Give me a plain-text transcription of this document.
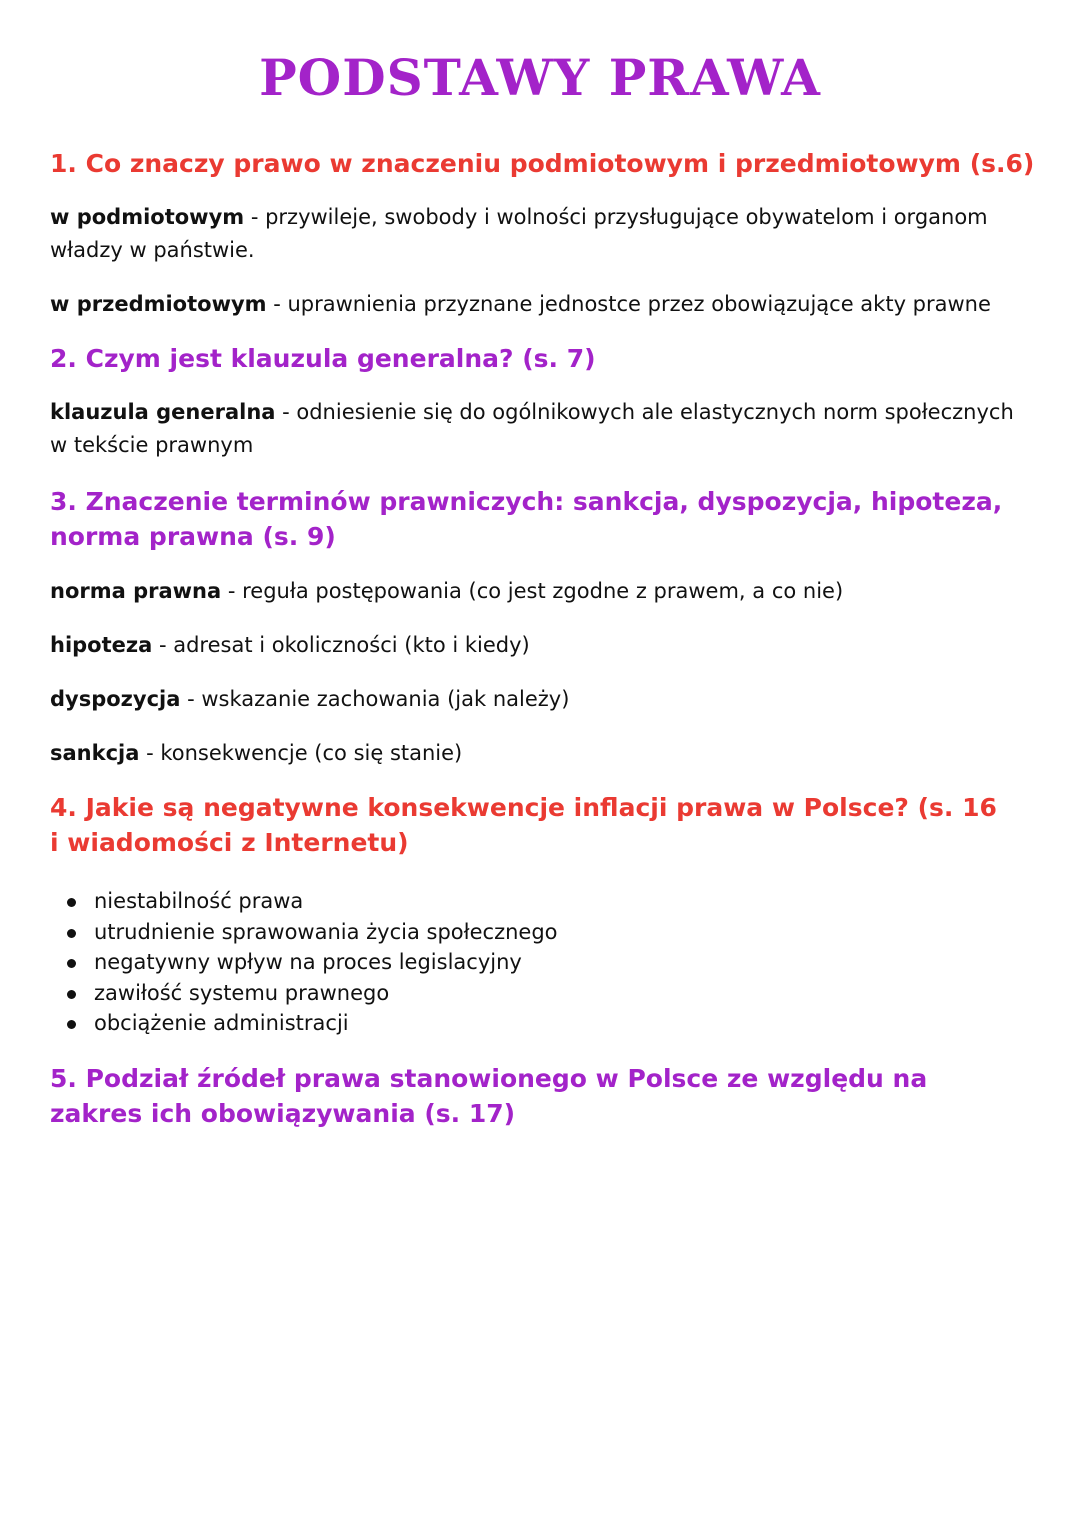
PODSTAWY PRAWA
1. Co znaczy prawo w znaczeniu podmiotowym i przedmiotowym (s.6)

w podmiotowym - przywileje, swobody i wolności przysługujące obywatelom i organom władzy w państwie.

w przedmiotowym - uprawnienia przyznane jednostce przez obowiązujące akty prawne

2. Czym jest klauzula generalna? (s. 7)

klauzula generalna - odniesienie się do ogólnikowych ale elastycznych norm społecznych w tekście prawnym

3. Znaczenie terminów prawniczych: sankcja, dyspozycja, hipoteza, norma prawna (s. 9)

norma prawna - reguła postępowania (co jest zgodne z prawem, a co nie)

hipoteza - adresat i okoliczności (kto i kiedy)

dyspozycja - wskazanie zachowania (jak należy)

sankcja - konsekwencje (co się stanie)

4. Jakie są negatywne konsekwencje inflacji prawa w Polsce? (s. 16 i wiadomości z Internetu)
niestabilność prawa
utrudnienie sprawowania życia społecznego
negatywny wpływ na proces legislacyjny
zawiłość systemu prawnego
obciążenie administracji
5. Podział źródeł prawa stanowionego w Polsce ze względu na zakres ich obowiązywania (s. 17)
